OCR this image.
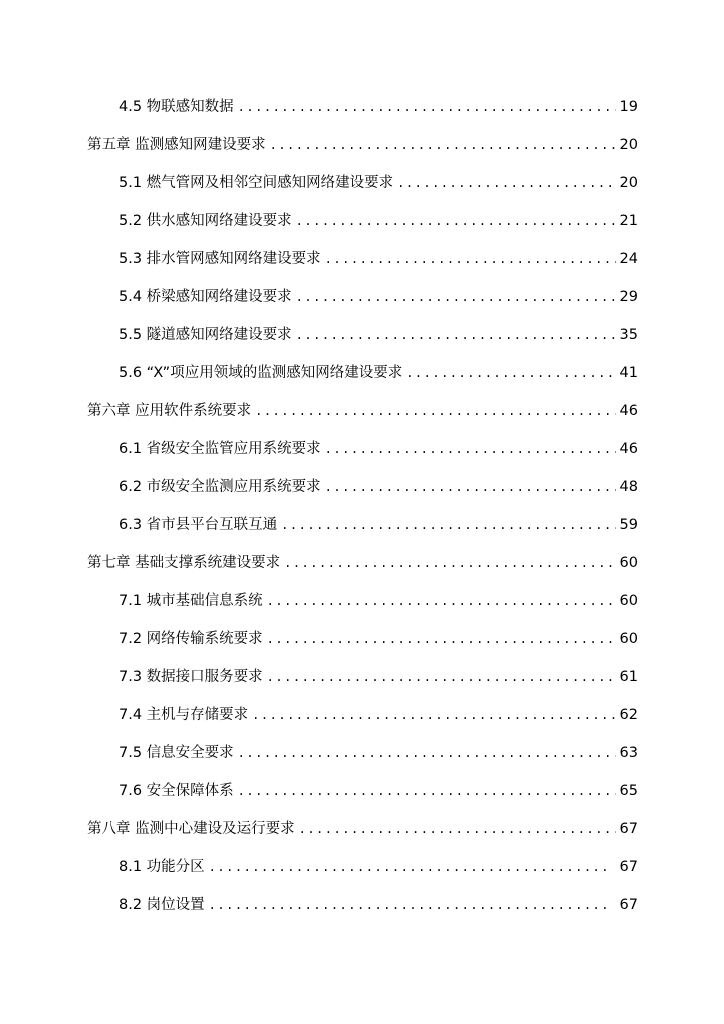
4.5 物联感知数据 .....	19
第五章 监测感知网建设要求 .....	20
5.1 燃气管网及相邻空间感知网络建设要求 .....	20
5.2 供水感知网络建设要求 .....	21
5.3 排水管网感知网络建设要求 .....	24
5.4 桥梁感知网络建设要求 .....	29
5.5 隧道感知网络建设要求 .....	35
5.6 “X”项应用领域的监测感知网络建设要求 .....	41
第六章 应用软件系统要求 .....	46
6.1 省级安全监管应用系统要求 .....	46
6.2 市级安全监测应用系统要求 .....	48
6.3 省市县平台互联互通 .....	59
第七章 基础支撑系统建设要求 .....	60
7.1 城市基础信息系统 .....	60
7.2 网络传输系统要求 .....	60
7.3 数据接口服务要求 .....	61
7.4 主机与存储要求 .....	62
7.5 信息安全要求 .....	63
7.6 安全保障体系 .....	65
第八章 监测中心建设及运行要求 .....	67
8.1 功能分区 .....	67
8.2 岗位设置 .....	67
